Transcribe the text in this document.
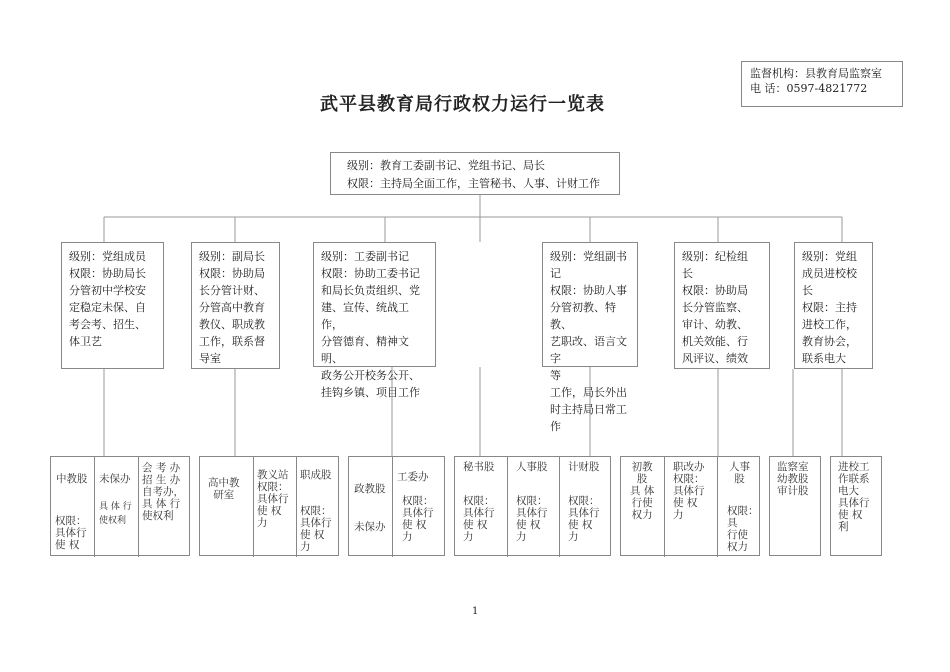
监督机构：县教育局监察室
电 话：0597-4821772
武平县教育局行政权力运行一览表
级别：教育工委副书记、党组书记、局长
权限：主持局全面工作，主管秘书、人事、计财工作
级别：党组成员
权限：协助局长
分管初中学校安
定稳定未保、自
考会考、招生、
体卫艺
级别：副局长
权限：协助局
长分管计财、
分管高中教育
教仪、职成教
工作，联系督
导室
级别：工委副书记
权限：协助工委书记
和局长负责组织、党
建、宣传、统战工作，
分管德育、精神文明、
政务公开校务公开、
挂钩乡镇、项目工作
级别：党组副书
记
权限：协助人事
分管初教、特教、
艺职改、语言文字
等
工作，局长外出
时主持局日常工作
级别：纪检组
长
权限：协助局
长分管监察、
审计、幼教、
机关效能、行
风评议、绩效
级别：党组
成员进校校
长
权限：主持
进校工作，
教育协会，
联系电大
中教股
权限：
具体行
使 权
未保办
具 体 行
使权利
会 考 办
招 生 办
自考办，
具 体 行
使权利
高中教
研室
教义站
权限：
具体行
使 权
力
职成股
权限：
具体行
使 权
力
政教股
未保办
工委办
权限：
具体行
使 权
力
秘书股
权限：
具体行
使 权
力
人事股
权限：
具体行
使 权
力
计财股
权限：
具体行
使 权
力
初教
股
具 体
行使
权力
职改办
权限：
具体行
使 权
力
人事
股
权限：
具
行使
权力
监察室
幼教股
审计股
进校工
作联系
电大
具体行
使 权
利
1
